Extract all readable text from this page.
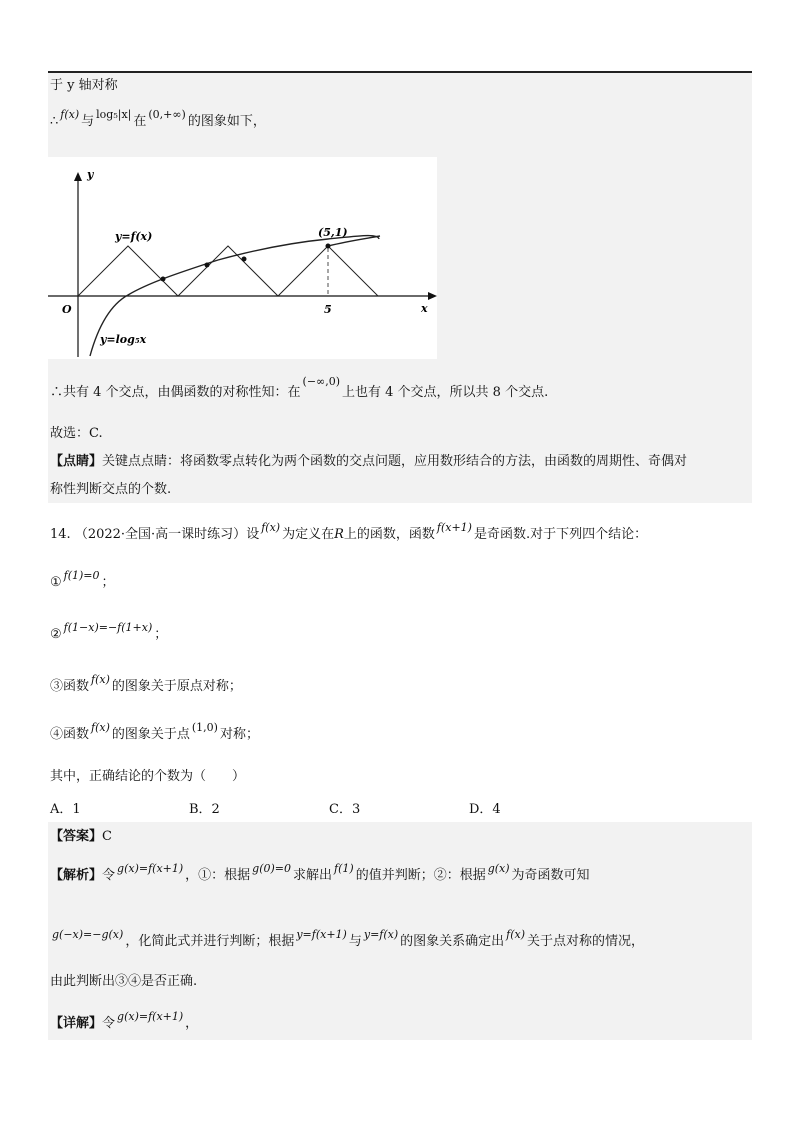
于 y 轴对称
∴ $^{f(x)}$ 与 $^{log_5|x|}$ 在 $^{(0,+\infty)}$ 的图象如下，
y
x
O
y=f(x)
y=log₅x
(5,1)
5
∴共有 4 个交点，由偶函数的对称性知：在$^{(-\infty,0)}$上也有 4 个交点，所以共 8 个交点.
故选：C.
【点睛】关键点点睛：将函数零点转化为两个函数的交点问题，应用数形结合的方法，由函数的周期性、奇偶对
称性判断交点的个数.
14. （2022·全国·高一课时练习）设 $^{f(x)}$ 为定义在R上的函数，函数 $^{f(x+1)}$ 是奇函数.对于下列四个结论：
① $^{f(1)=0}$ ；
② $^{f(1-x)=-f(1+x)}$ ；
③函数 $^{f(x)}$ 的图象关于原点对称；
④函数 $^{f(x)}$ 的图象关于点 $^{(1,0)}$ 对称；
其中，正确结论的个数为（　　）
A．1	B．2	C．3	D．4
【答案】C
【解析】令 $^{g(x)=f(x+1)}$ ，①：根据 $^{g(0)=0}$ 求解出 $^{f(1)}$ 的值并判断；②：根据 $^{g(x)}$ 为奇函数可知
$^{g(-x)=-g(x)}$ ，化简此式并进行判断；根据 $^{y=f(x+1)}$ 与 $^{y=f(x)}$ 的图象关系确定出 $^{f(x)}$ 关于点对称的情况，
由此判断出③④是否正确.
【详解】令 $^{g(x)=f(x+1)}$ ，
